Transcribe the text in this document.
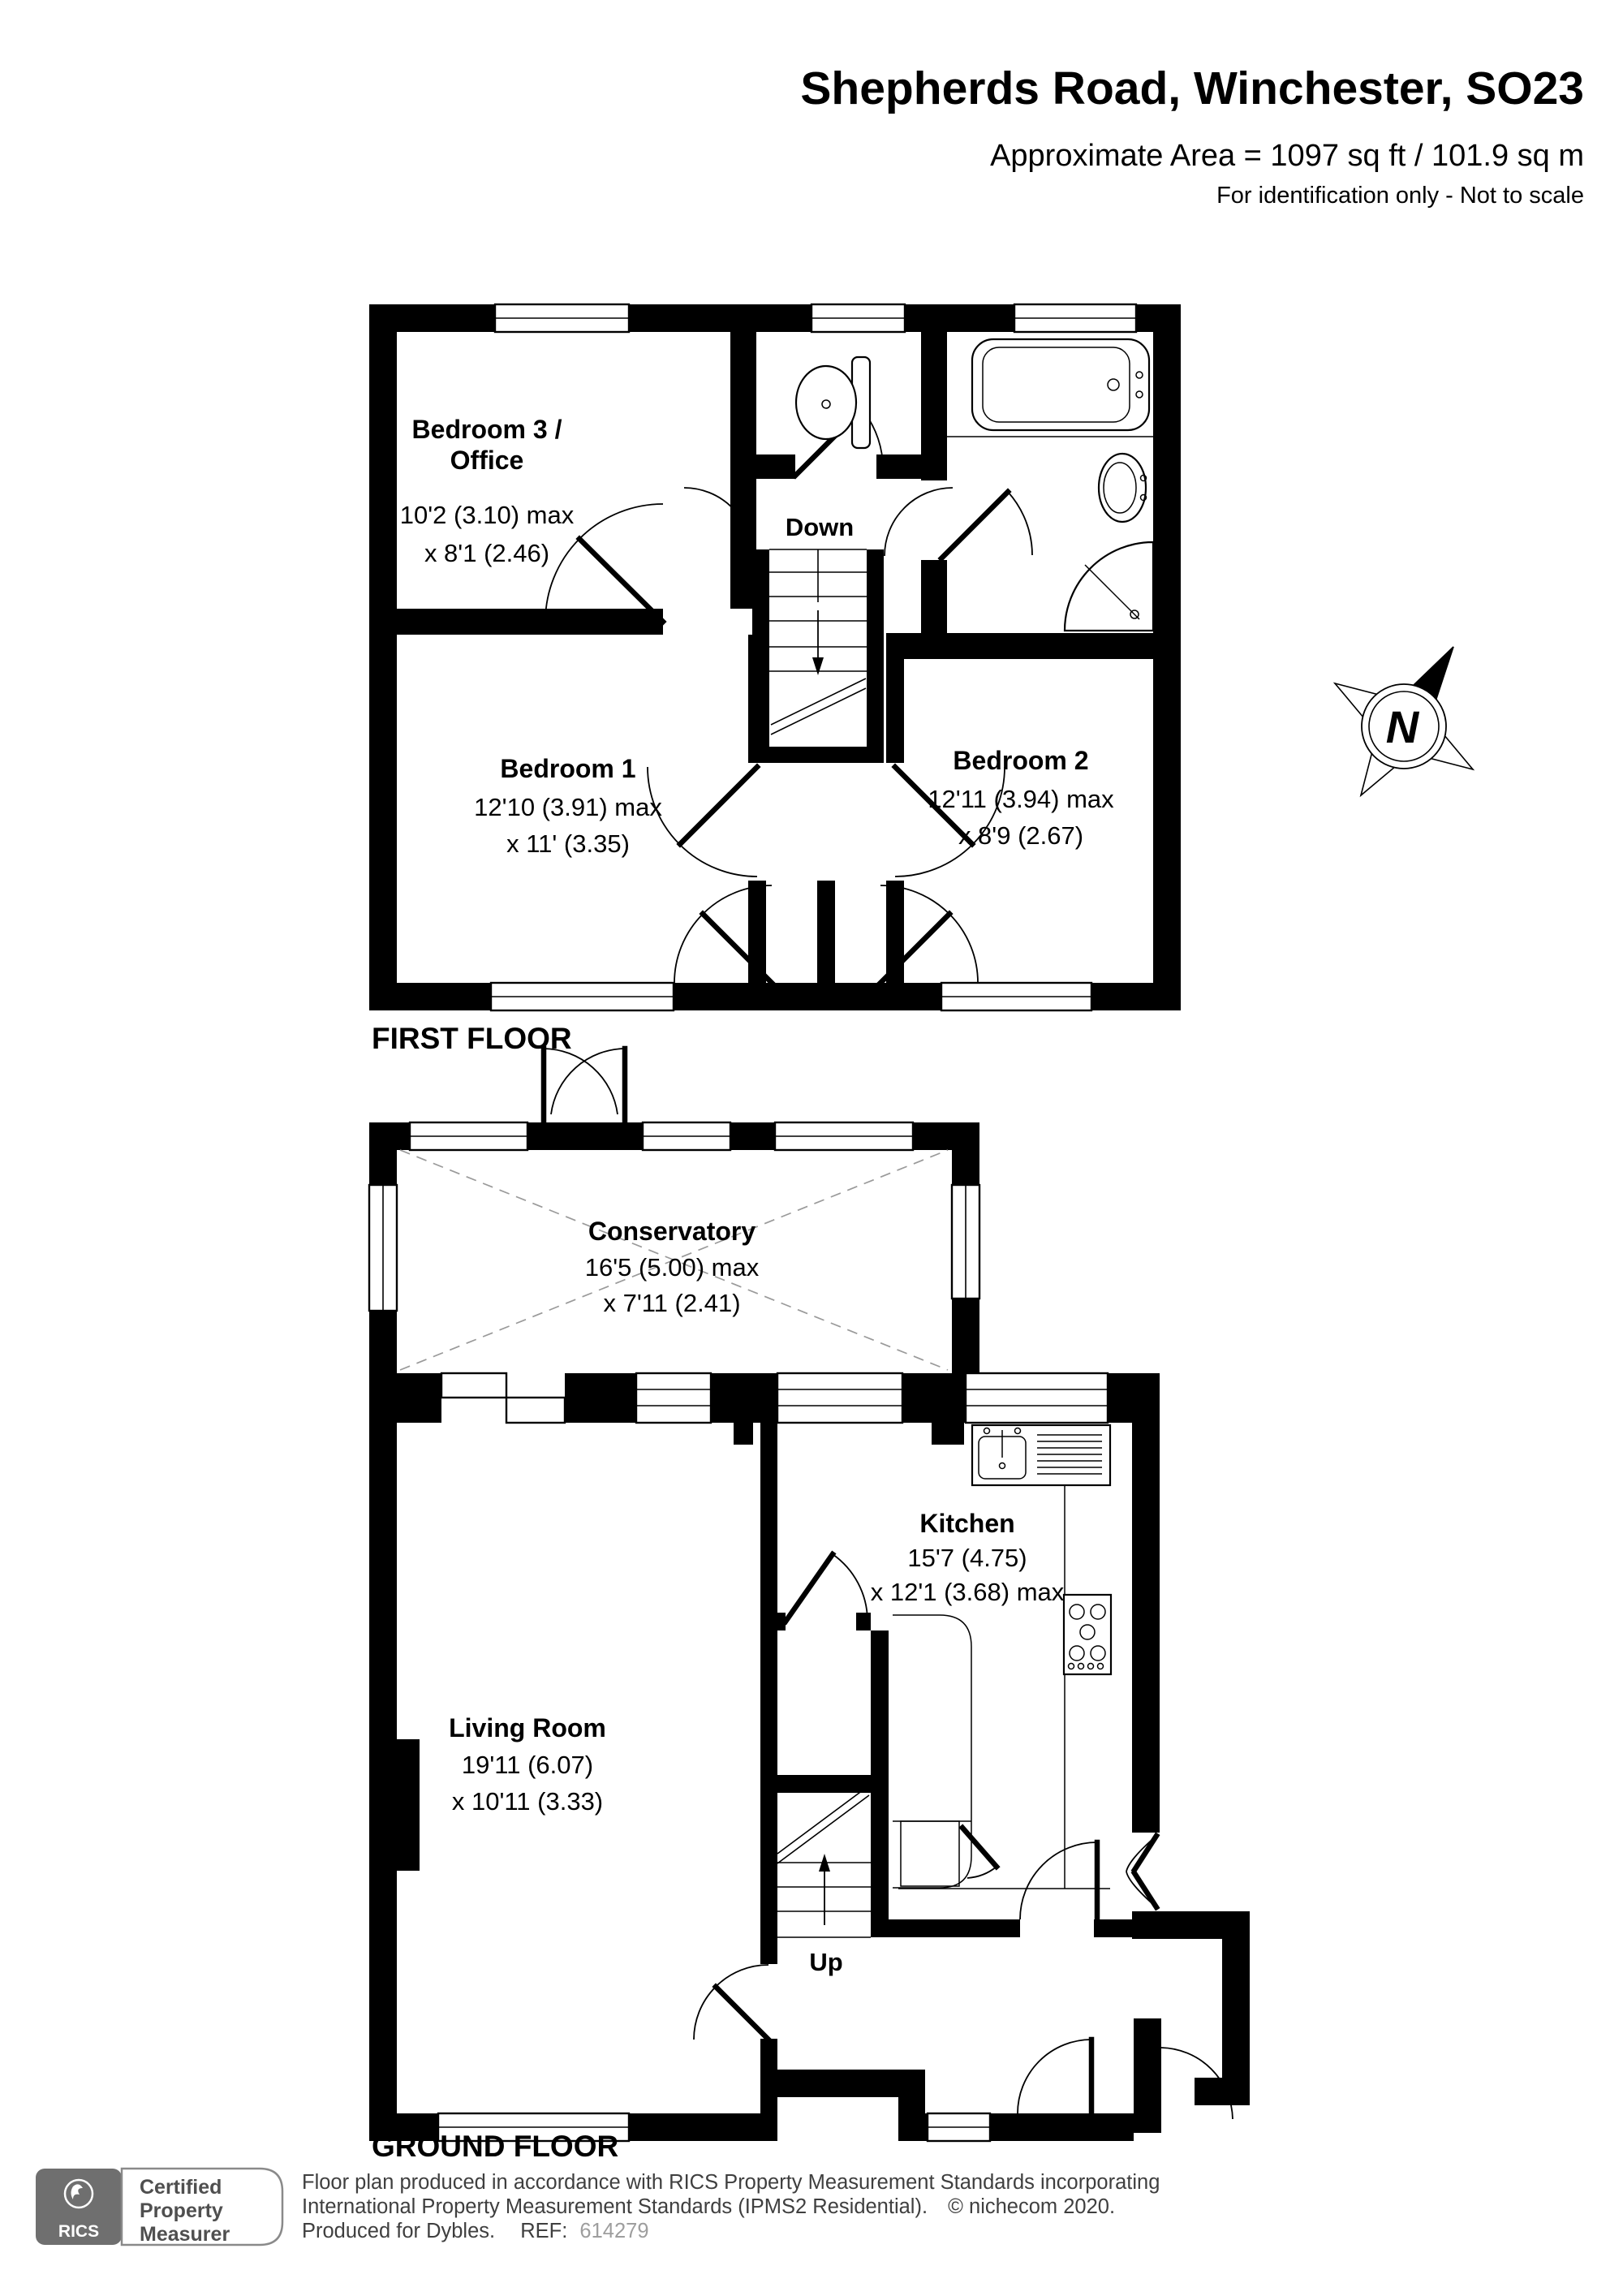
Shepherds Road, Winchester, SO23
Approximate Area = 1097 sq ft / 101.9 sq m
For identification only - Not to scale
Bedroom 3 /
Office
10'2 (3.10) max
x 8'1 (2.46)
Down
Bedroom 1
12'10 (3.91) max
x 11' (3.35)
Bedroom 2
12'11 (3.94) max
x 8'9 (2.67)
FIRST FLOOR
N
Conservatory
16'5 (5.00) max
x 7'11 (2.41)
Kitchen
15'7 (4.75)
x 12'1 (3.68) max
Living Room
19'11 (6.07)
x 10'11 (3.33)
Up
GROUND FLOOR
RICS
Certified
Property
Measurer
Floor plan produced in accordance with RICS Property Measurement Standards incorporating
International Property Measurement Standards (IPMS2 Residential). © nichecom 2020.
Produced for Dybles. REF: 614279
